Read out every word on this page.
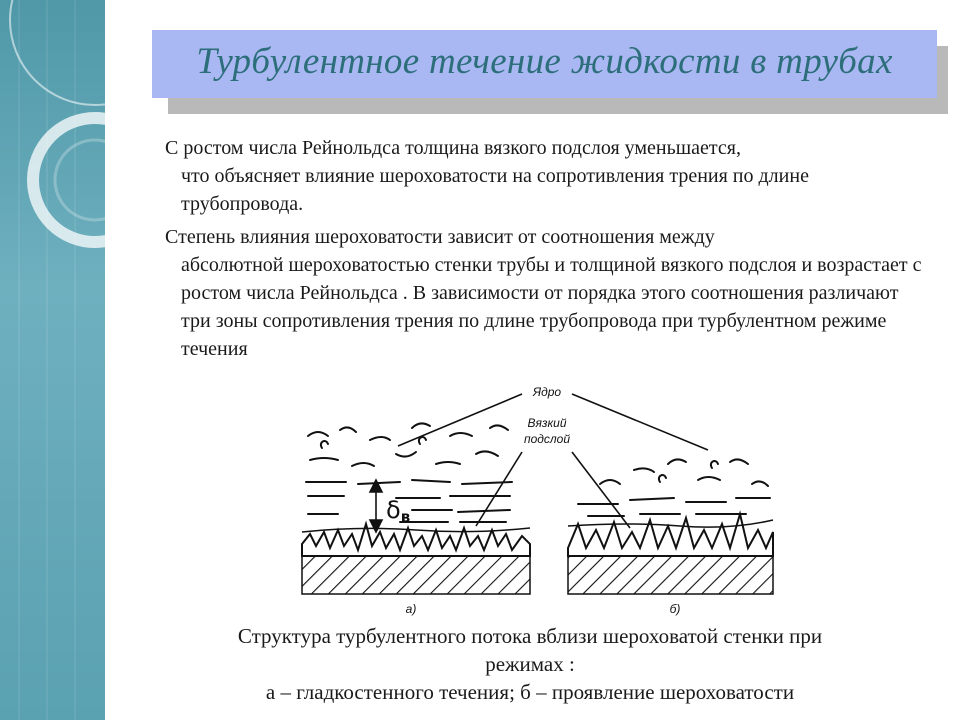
Турбулентное течение жидкости в трубах
С ростом числа Рейнольдса толщина вязкого подслоя уменьшается,
что объясняет влияние шероховатости на сопротивления трения по длине трубопровода.
Степень влияния шероховатости зависит от соотношения между
абсолютной шероховатостью стенки трубы и толщиной вязкого подслоя и возрастает с ростом числа Рейнольдса . В зависимости от порядка этого соотношения различают три зоны сопротивления трения по длине трубопровода при турбулентном режиме течения
Ядро
Вязкий
подслой
$\delta_в$
а)	б)
Структура турбулентного потока вблизи шероховатой стенки при
режимах :
а – гладкостенного течения; б – проявление шероховатости
